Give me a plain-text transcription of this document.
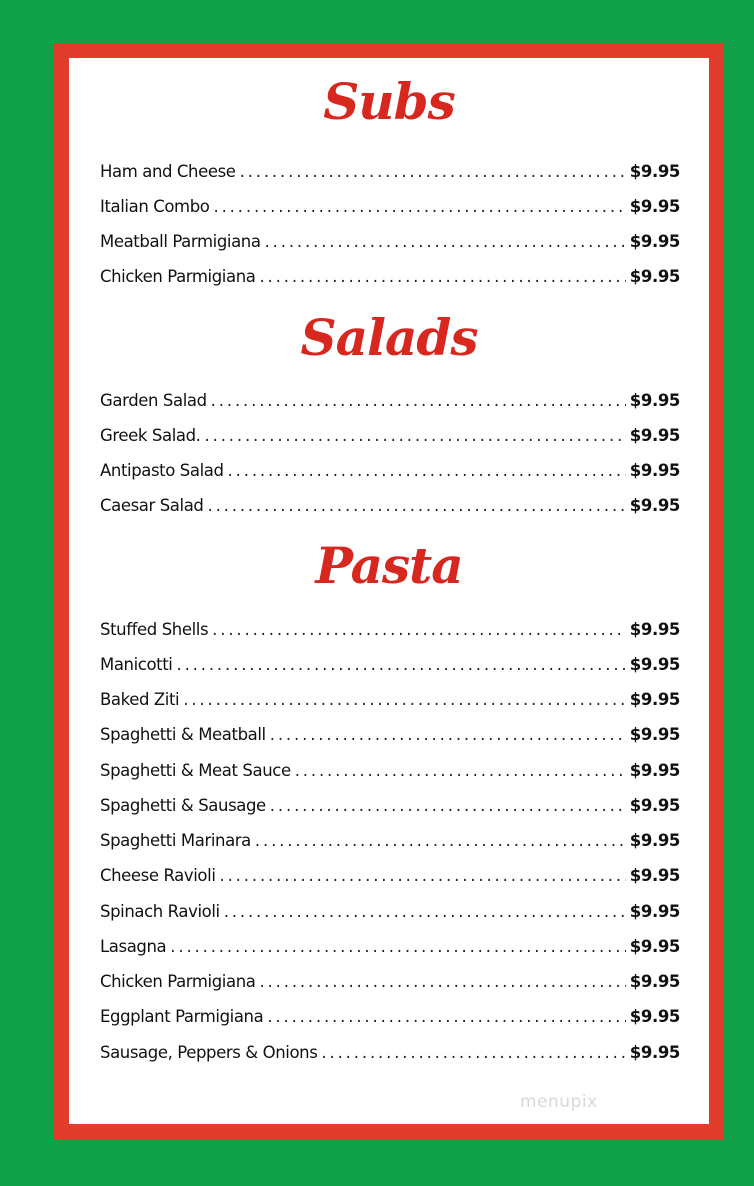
Subs
Ham and Cheese . . .	$9.95
Italian Combo . . .	$9.95
Meatball Parmigiana . . .	$9.95
Chicken Parmigiana . . .	$9.95
Salads
Garden Salad . . .	$9.95
Greek Salad. . . .	$9.95
Antipasto Salad . . .	$9.95
Caesar Salad . . .	$9.95
Pasta
Stuffed Shells . . .	$9.95
Manicotti . . .	$9.95
Baked Ziti . . .	$9.95
Spaghetti & Meatball . . .	$9.95
Spaghetti & Meat Sauce . . .	$9.95
Spaghetti & Sausage . . .	$9.95
Spaghetti Marinara . . .	$9.95
Cheese Ravioli . . .	$9.95
Spinach Ravioli . . .	$9.95
Lasagna . . .	$9.95
Chicken Parmigiana . . .	$9.95
Eggplant Parmigiana . . .	$9.95
Sausage, Peppers & Onions . . .	$9.95
menupix
